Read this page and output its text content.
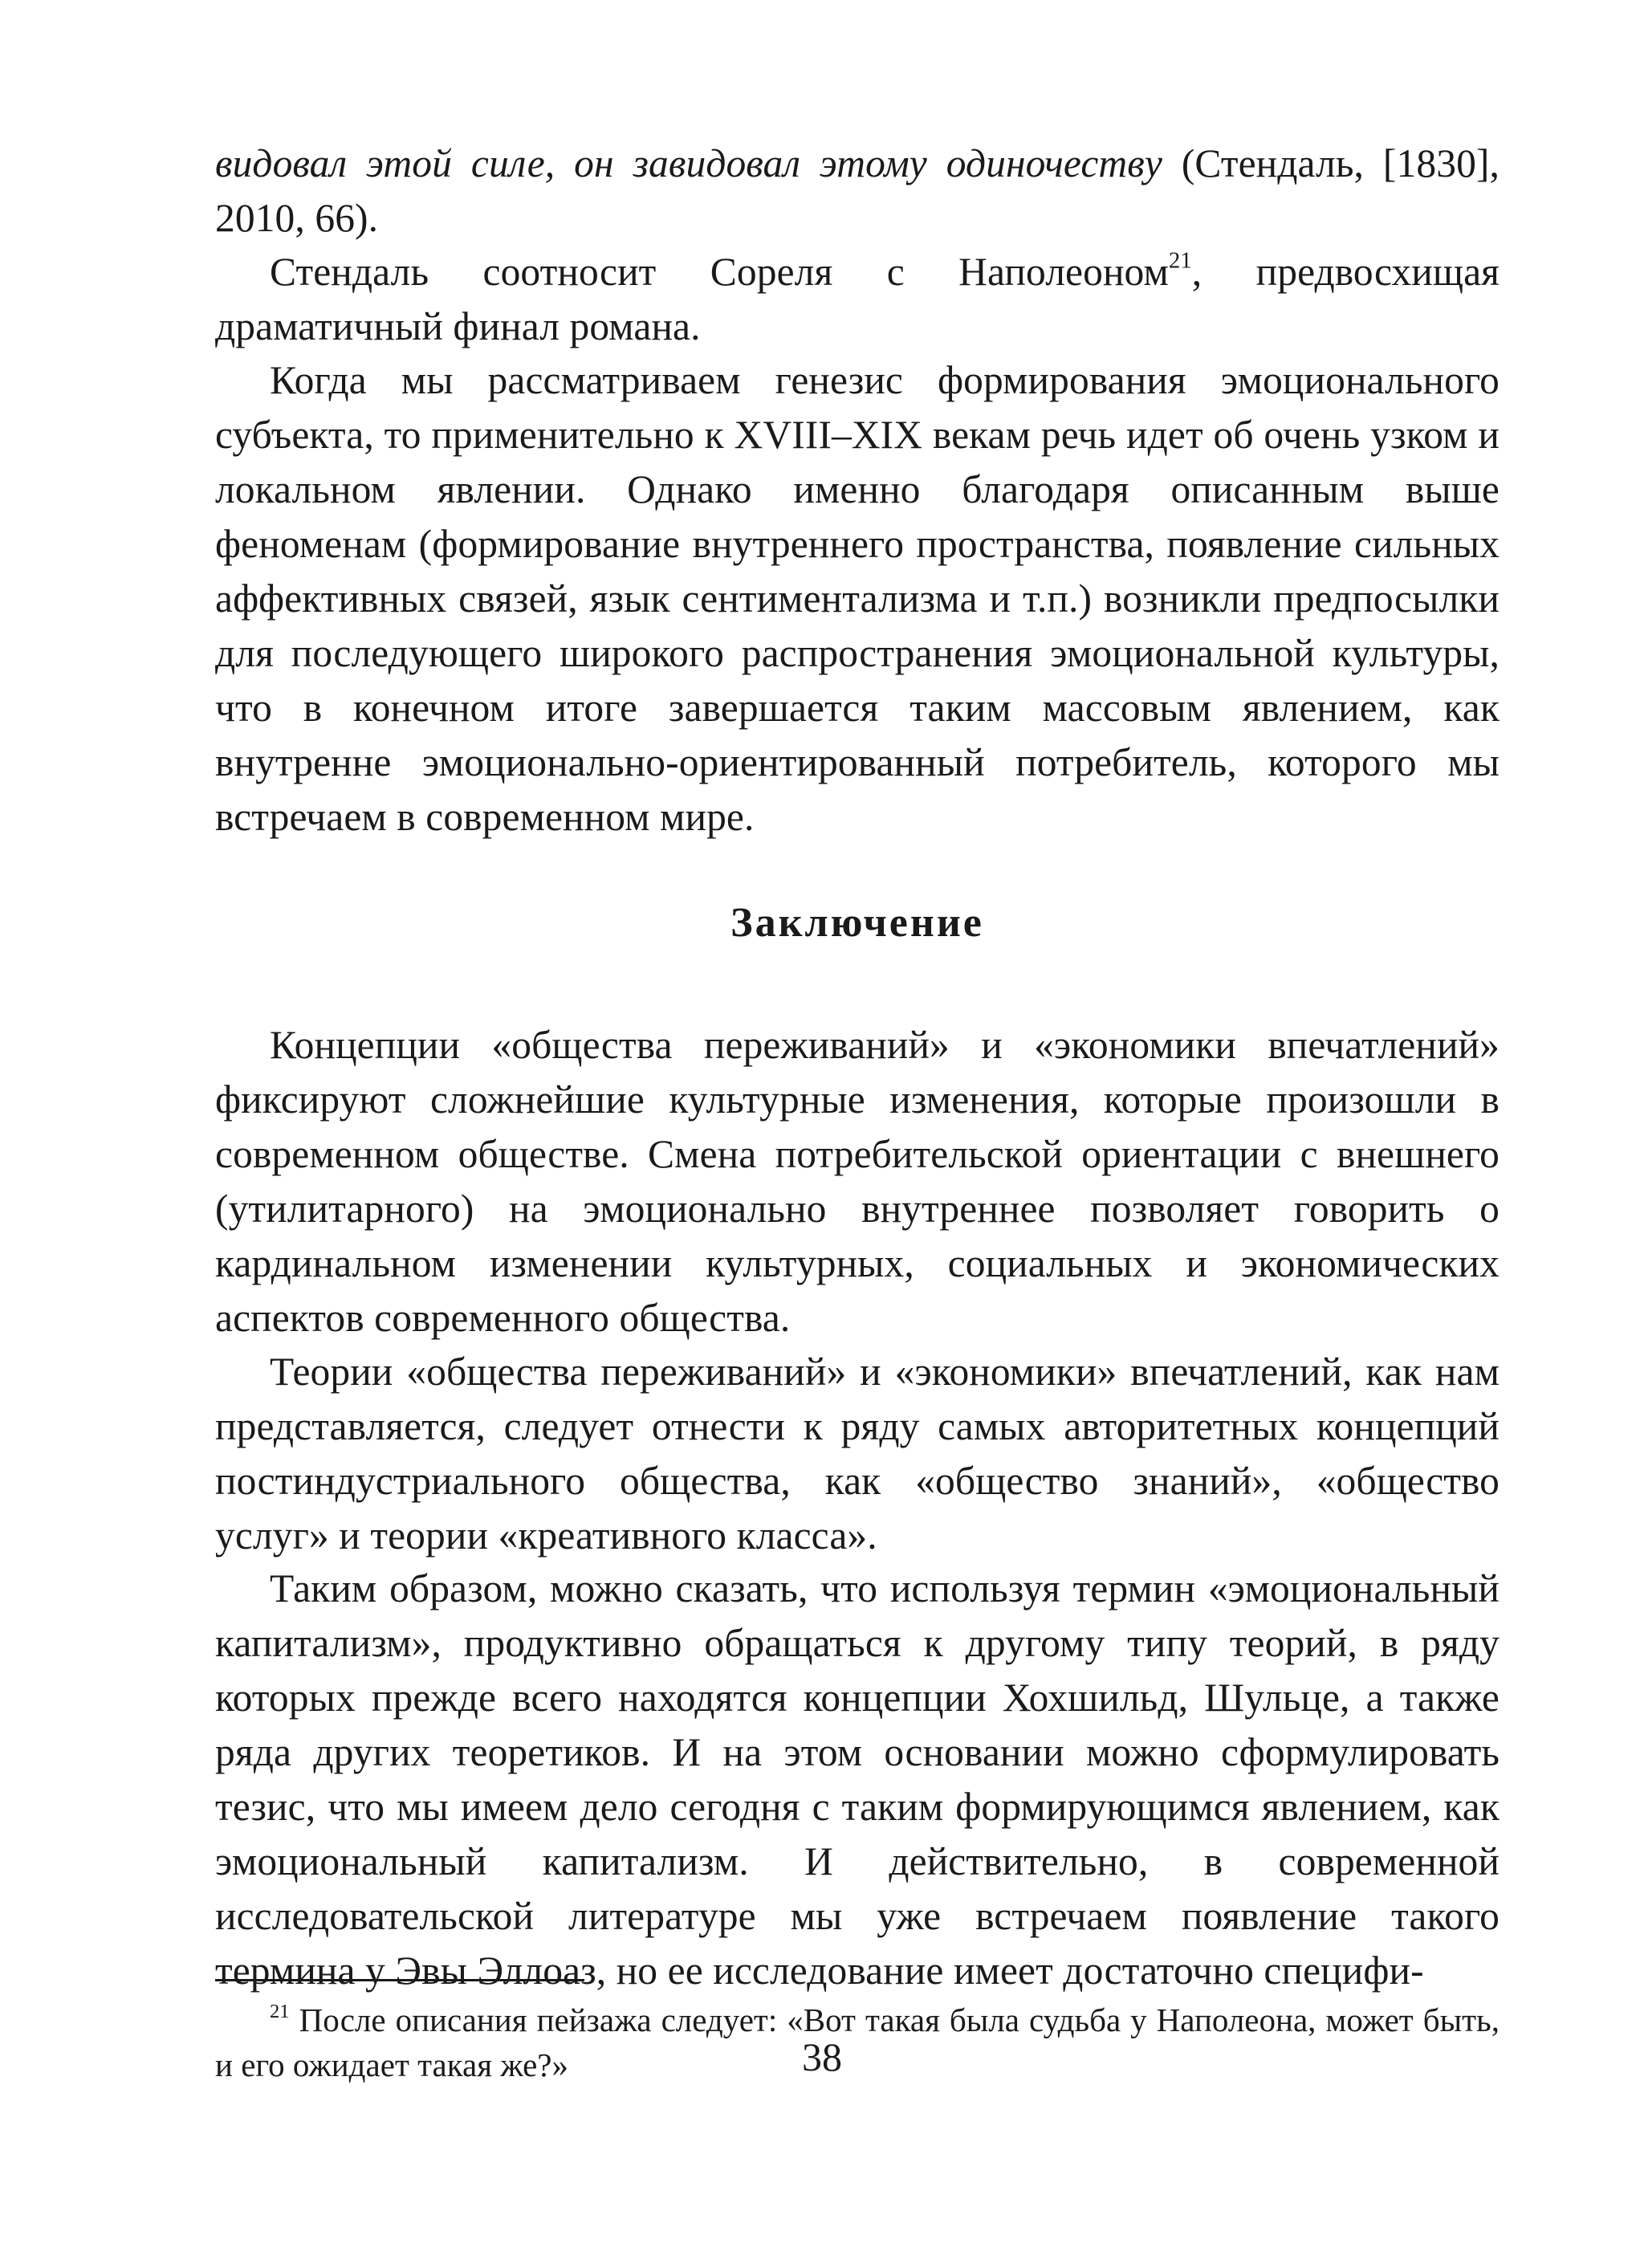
видовал этой силе, он завидовал этому одиночеству (Стендаль, [1830], 2010, 66).

Стендаль соотносит Сореля с Наполеоном$^{21}$, предвосхищая драматичный финал романа.

Когда мы рассматриваем генезис формирования эмоционального субъекта, то применительно к XVIII–XIX векам речь идет об очень узком и локальном явлении. Однако именно благодаря описанным выше феноменам (формирование внутреннего пространства, появление сильных аффективных связей, язык сентиментализма и т.п.) возникли предпосылки для последующего широкого распространения эмоциональной культуры, что в конечном итоге завершается таким массовым явлением, как внутренне эмоционально-ориентированный потребитель, которого мы встречаем в современном мире.

Заключение

Концепции «общества переживаний» и «экономики впечатлений» фиксируют сложнейшие культурные изменения, которые произошли в современном обществе. Смена потребительской ориентации с внешнего (утилитарного) на эмоционально внутреннее позволяет говорить о кардинальном изменении культурных, социальных и экономических аспектов современного общества.

Теории «общества переживаний» и «экономики» впечатлений, как нам представляется, следует отнести к ряду самых авторитетных концепций постиндустриального общества, как «общество знаний», «общество услуг» и теории «креативного класса».

Таким образом, можно сказать, что используя термин «эмоциональный капитализм», продуктивно обращаться к другому типу теорий, в ряду которых прежде всего находятся концепции Хохшильд, Шульце, а также ряда других теоретиков. И на этом основании можно сформулировать тезис, что мы имеем дело сегодня с таким формирующимся явлением, как эмоциональный капитализм. И действительно, в современной исследовательской литературе мы уже встречаем появление такого термина у Эвы Эллоаз, но ее исследование имеет достаточно специфи-

$^{21}$ После описания пейзажа следует: «Вот такая была судьба у Наполеона, может быть, и его ожидает такая же?»	38
